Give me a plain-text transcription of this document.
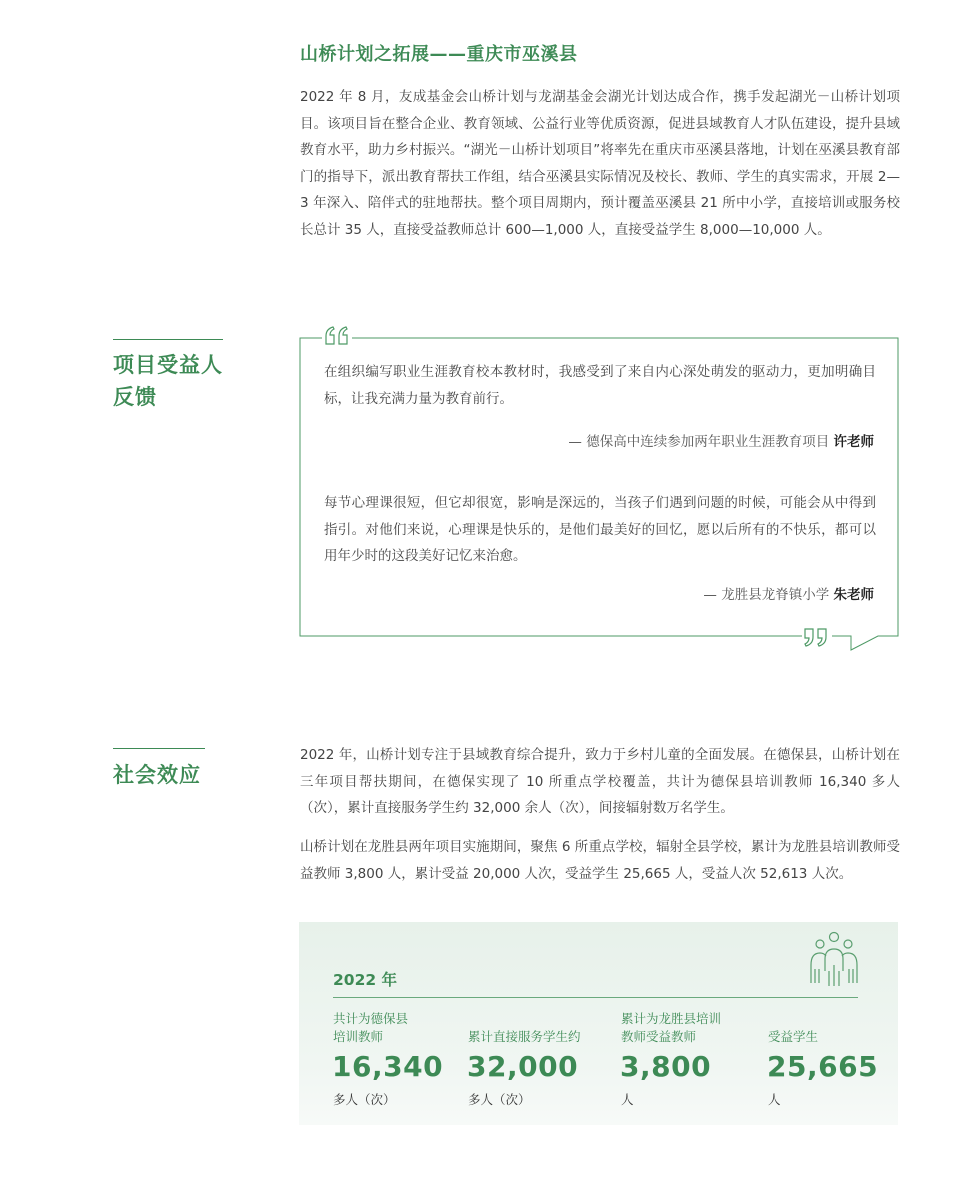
山桥计划之拓展——重庆市巫溪县

2022 年 8 月，友成基金会山桥计划与龙湖基金会湖光计划达成合作，携手发起湖光－山桥计划项目。该项目旨在整合企业、教育领域、公益行业等优质资源，促进县域教育人才队伍建设，提升县域教育水平，助力乡村振兴。“湖光－山桥计划项目”将率先在重庆市巫溪县落地，计划在巫溪县教育部门的指导下，派出教育帮扶工作组，结合巫溪县实际情况及校长、教师、学生的真实需求，开展 2—3 年深入、陪伴式的驻地帮扶。整个项目周期内，预计覆盖巫溪县 21 所中小学，直接培训或服务校长总计 35 人，直接受益教师总计 600—1,000 人，直接受益学生 8,000—10,000 人。

项目受益人
反馈

在组织编写职业生涯教育校本教材时，我感受到了来自内心深处萌发的驱动力，更加明确目标，让我充满力量为教育前行。

— 德保高中连续参加两年职业生涯教育项目 许老师

每节心理课很短，但它却很宽，影响是深远的，当孩子们遇到问题的时候，可能会从中得到指引。对他们来说，心理课是快乐的，是他们最美好的回忆，愿以后所有的不快乐，都可以用年少时的这段美好记忆来治愈。

— 龙胜县龙脊镇小学 朱老师
社会效应

2022 年，山桥计划专注于县域教育综合提升，致力于乡村儿童的全面发展。在德保县，山桥计划在三年项目帮扶期间，在德保实现了 10 所重点学校覆盖，共计为德保县培训教师 16,340 多人（次），累计直接服务学生约 32,000 余人（次），间接辐射数万名学生。

山桥计划在龙胜县两年项目实施期间，聚焦 6 所重点学校，辐射全县学校，累计为龙胜县培训教师受益教师 3,800 人，累计受益 20,000 人次，受益学生 25,665 人，受益人次 52,613 人次。

2022 年
共计为德保县
培训教师
16,340
多人（次）
累计直接服务学生约
32,000
多人（次）
累计为龙胜县培训
教师受益教师
3,800
人
受益学生
25,665
人
